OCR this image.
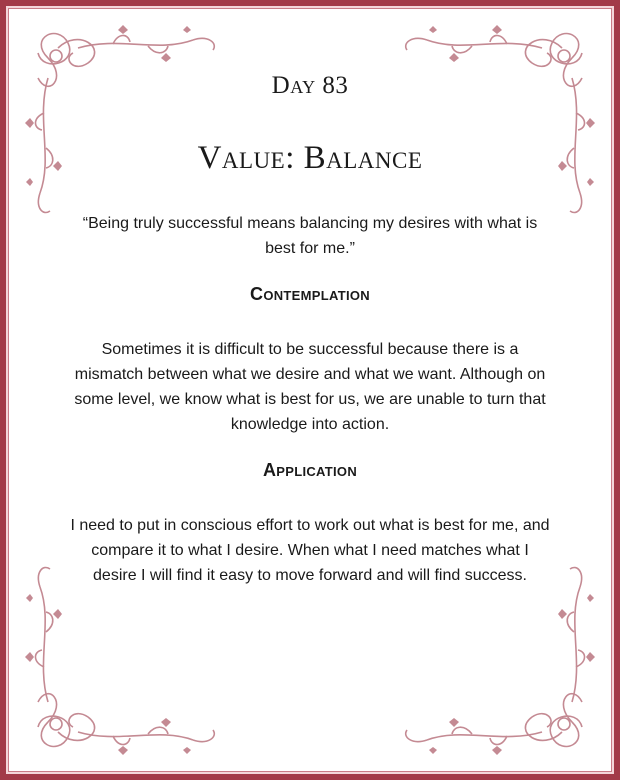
Day 83
Value: Balance
“Being truly successful means balancing my desires with what is best for me.”
Contemplation
Sometimes it is difficult to be successful because there is a mismatch between what we desire and what we want. Although on some level, we know what is best for us, we are unable to turn that knowledge into action.
Application
I need to put in conscious effort to work out what is best for me, and compare it to what I desire. When what I need matches what I desire I will find it easy to move forward and will find success.
